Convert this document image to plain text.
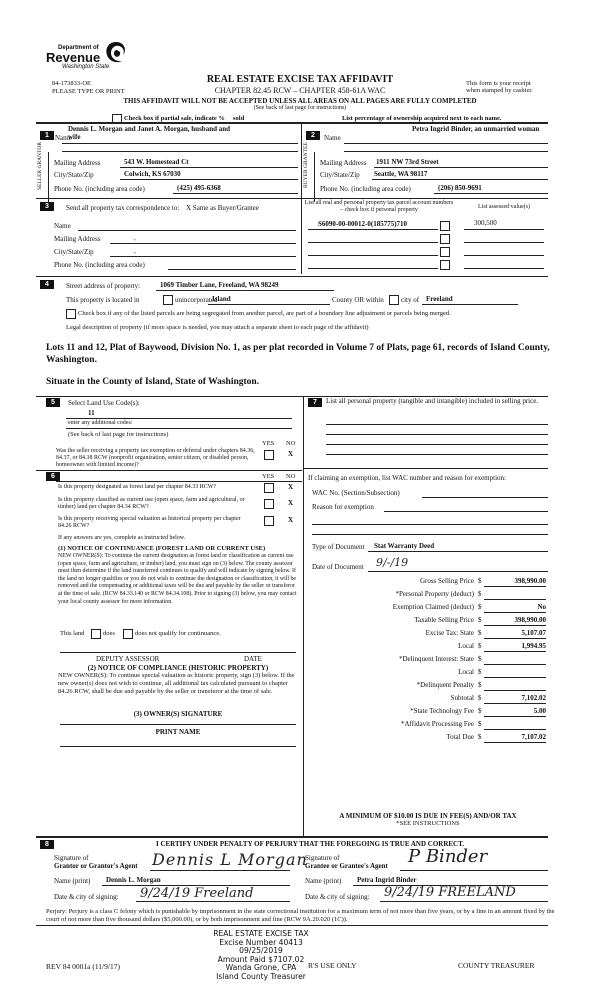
Department of
Revenue
Washington State
84-173833-OE
PLEASE TYPE OR PRINT
REAL ESTATE EXCISE TAX AFFIDAVIT
CHAPTER 82.45 RCW – CHAPTER 458-61A WAC
This form is your receipt
when stamped by cashier.
THIS AFFIDAVIT WILL NOT BE ACCEPTED UNLESS ALL AREAS ON ALL PAGES ARE FULLY COMPLETED
(See back of last page for instructions)
Check box if partial sale, indicate % sold	List percentage of ownership acquired next to each name.
1
Dennis L. Morgan and Janet A. Morgan, husband and
Name
wife
SELLER GRANTOR Mailing Address	543 W. Homestead Ct
City/State/Zip	Colwich, KS 67030
Phone No. (including area code)	(425) 495-6368
2
Petra Ingrid Binder, an unmarried woman
Name
BUYER GRANTEE Mailing Address 1911 NW 73rd Street
City/State/Zip Seattle, WA 98117
Phone No. (including area code)	(206) 850-9691
3	Send all property tax correspondence to: X Same as Buyer/Grantee
Name
Mailing Address	,
City/State/Zip	,
Phone No. (including area code)
List all real and personal property tax parcel account numbers – check box if personal property	List assessed value(s)
S6090-00-00012-0(185775)710	300,500
4	Street address of property:	1069 Timber Lane, Freeland, WA 98249
This property is located in	unincorporated
Island	County OR within city of Freeland
Check box if any of the listed parcels are being segregated from another parcel, are part of a boundary line adjustment or parcels being merged.
Legal description of property (if more space is needed, you may attach a separate sheet to each page of the affidavit)
Lots 11 and 12, Plat of Baywood, Division No. 1, as per plat recorded in Volume 7 of Plats, page 61, records of Island County, Washington.
Situate in the County of Island, State of Washington.
5	Select Land Use Code(s):
11
enter any additional codes:
(See back of last page for instructions)
YES NO
Was the seller receiving a property tax exemption or deferral under chapters 84.36, 84.37, or 84.38 RCW (nonprofit organization, senior citizen, or disabled person, homeowner with limited income)?
X
6	YES NO
Is this property designated as forest land per chapter 84.33 RCW?	X
Is this property classified as current use (open space, farm and agricultural, or timber) land per chapter 84.34 RCW?	X
Is this property receiving special valuation as historical property per chapter 84.26 RCW?
X
If any answers are yes, complete as instructed below.
(1) NOTICE OF CONTINUANCE (FOREST LAND OR CURRENT USE)
NEW OWNER(S): To continue the current designation as forest land or classification as current use (open space, farm and agriculture, or timber) land, you must sign on (3) below. The county assessor must then determine if the land transferred continues to qualify and will indicate by signing below. If the land no longer qualifies or you do not wish to continue the designation or classification, it will be removed and the compensating or additional taxes will be due and payable by the seller or transferor at the time of sale. (RCW 84.33.140 or RCW 84.34.108). Prior to signing (3) below, you may contact your local county assessor for more information.
This land	does	does not qualify for continuance.
DEPUTY ASSESSOR	DATE
(2) NOTICE OF COMPLIANCE (HISTORIC PROPERTY)
NEW OWNER(S): To continue special valuation as historic property, sign (3) below. If the new owner(s) does not wish to continue, all additional tax calculated pursuant to chapter 84.26 RCW, shall be due and payable by the seller or transferor at the time of sale.
(3) OWNER(S) SIGNATURE
PRINT NAME
7	List all personal property (tangible and intangible) included in selling price.
If claiming an exemption, list WAC number and reason for exemption:
WAC No. (Section/Subsection)
Reason for exemption
Type of Document Stat Warranty Deed
Date of Document 9/-/19
Gross Selling Price $	398,990.00
*Personal Property (deduct) $
Exemption Claimed (deduct) $	No
Taxable Selling Price $	398,990.00
Excise Tax: State $	5,107.07
Local $	1,994.95
*Delinquent Interest: State $
Local $
*Delinquent Penalty $
Subtotal $	7,102.02
*State Technology Fee $	5.00
*Affidavit Processing Fee $
Total Due $	7,107.02
A MINIMUM OF $10.00 IS DUE IN FEE(S) AND/OR TAX
*SEE INSTRUCTIONS
8	I CERTIFY UNDER PENALTY OF PERJURY THAT THE FOREGOING IS TRUE AND CORRECT.
Signature of
Grantor or Grantor's Agent Dennis L Morgan
Name (print) Dennis L. Morgan
Date & city of signing: 9/24/19 Freeland
Signature of
Grantee or Grantee's Agent P Binder
Name (print) Petra Ingrid Binder
Date & city of signing: 9/24/19 FREELAND
Perjury: Perjury is a class C felony which is punishable by imprisonment in the state correctional institution for a maximum term of not more than five years, or by a fine in an amount fixed by the court of not more than five thousand dollars ($5,000.00), or by both imprisonment and fine (RCW 9A.20.020 (1C)).
REAL ESTATE EXCISE TAX
Excise Number 40413
09/25/2019
Amount Paid $7107.02
Wanda Grone, CPA
Island County Treasurer
REV 84 0001a (11/9/17)	R'S USE ONLY	COUNTY TREASURER
